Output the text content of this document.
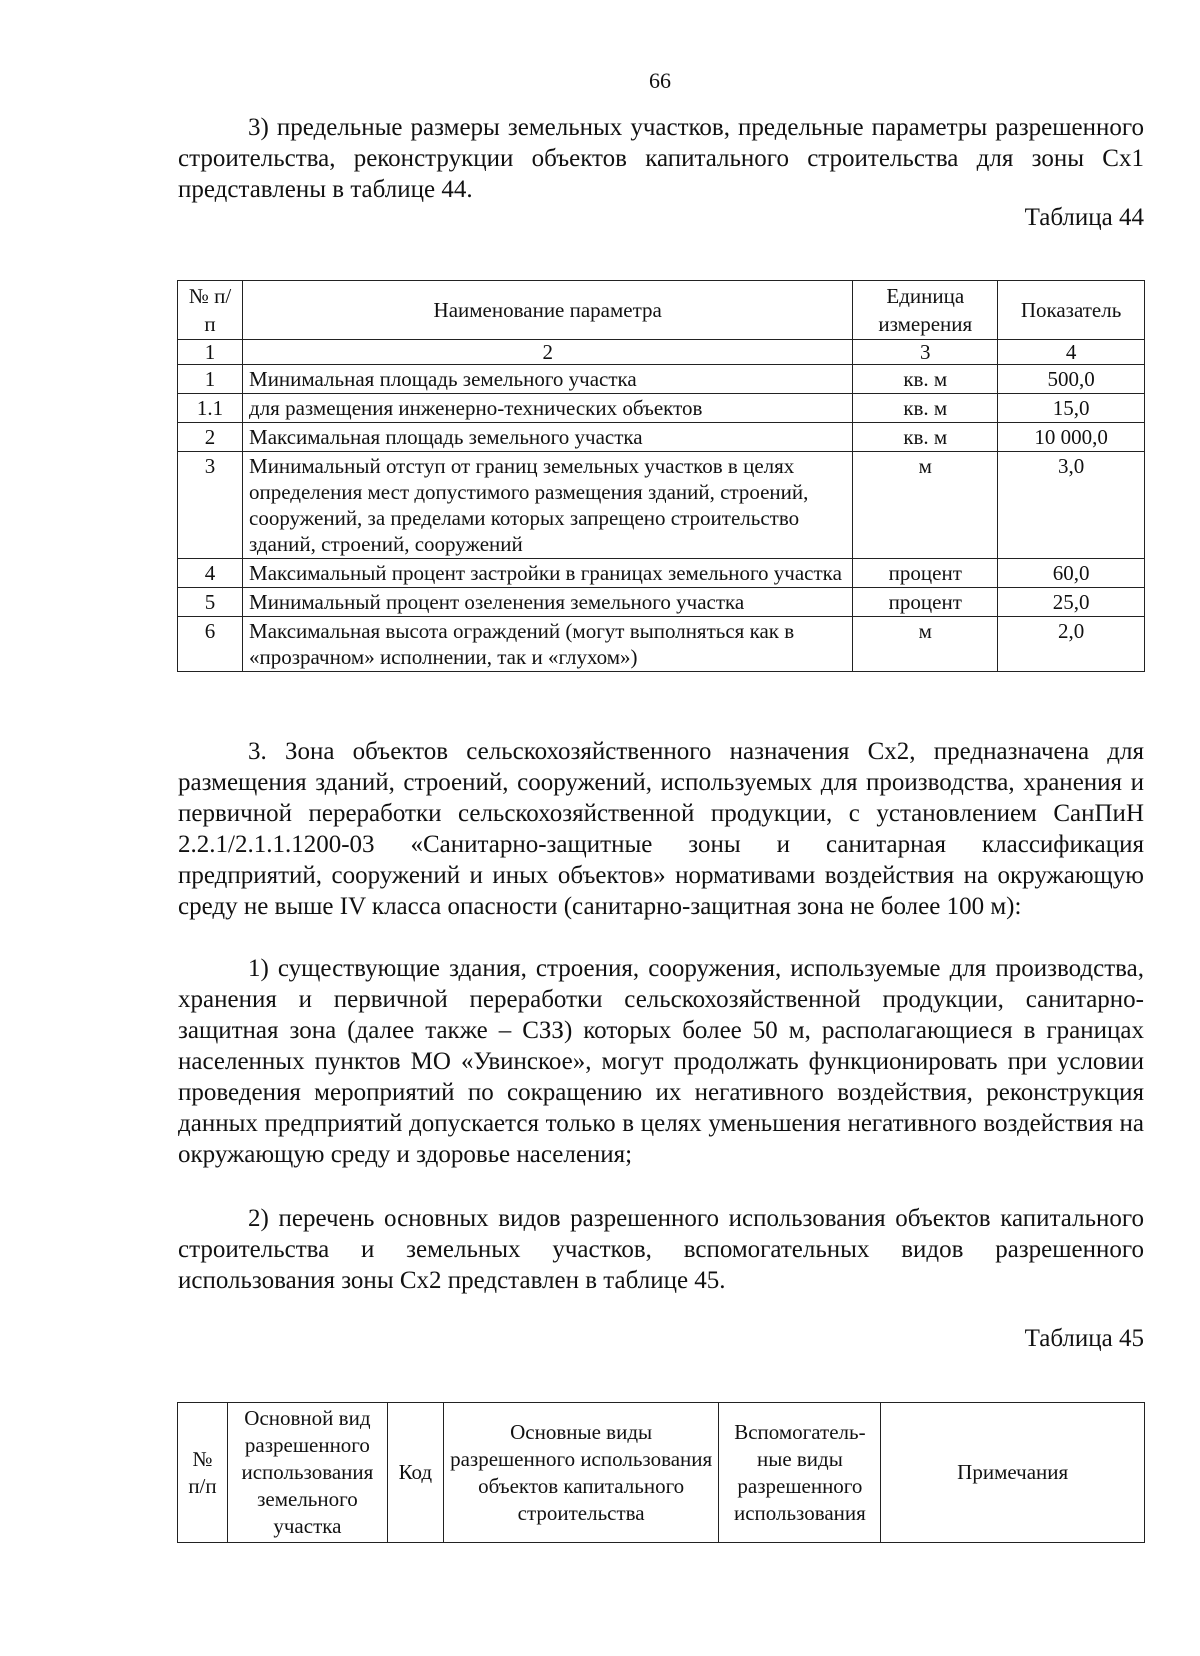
66

3) предельные размеры земельных участков, предельные параметры разрешенного строительства, реконструкции объектов капитального строительства для зоны Сх1 представлены в таблице 44.

Таблица 44
№ п/п	Наименование параметра	Единица измерения	Показатель
1	2	3	4
1	Минимальная площадь земельного участка	кв. м	500,0
1.1	для размещения инженерно-технических объектов	кв. м	15,0
2	Максимальная площадь земельного участка	кв. м	10 000,0
3	Минимальный отступ от границ земельных участков в целях определения мест допустимого размещения зданий, строений, сооружений, за пределами которых запрещено строительство зданий, строений, сооружений	м	3,0
4	Максимальный процент застройки в границах земельного участка	процент	60,0
5	Минимальный процент озеленения земельного участка	процент	25,0
6	Максимальная высота ограждений (могут выполняться как в «прозрачном» исполнении, так и «глухом»)	м	2,0

3. Зона объектов сельскохозяйственного назначения Сх2, предназначена для размещения зданий, строений, сооружений, используемых для производства, хранения и первичной переработки сельскохозяйственной продукции, с установлением СанПиН 2.2.1/2.1.1.1200-03 «Санитарно-защитные зоны и санитарная классификация предприятий, сооружений и иных объектов» нормативами воздействия на окружающую среду не выше IV класса опасности (санитарно-защитная зона не более 100 м):

1) существующие здания, строения, сооружения, используемые для производства, хранения и первичной переработки сельскохозяйственной продукции, санитарно-защитная зона (далее также – СЗЗ) которых более 50 м, располагающиеся в границах населенных пунктов МО «Увинское», могут продолжать функционировать при условии проведения мероприятий по сокращению их негативного воздействия, реконструкция данных предприятий допускается только в целях уменьшения негативного воздействия на окружающую среду и здоровье населения;

2) перечень основных видов разрешенного использования объектов капитального строительства и земельных участков, вспомогательных видов разрешенного использования зоны Сх2 представлен в таблице 45.

Таблица 45
№ п/п	Основной вид разрешенного использования земельного участка	Код	Основные виды разрешенного использования объектов капитального строительства	Вспомогатель-ные виды разрешенного использования	Примечания
